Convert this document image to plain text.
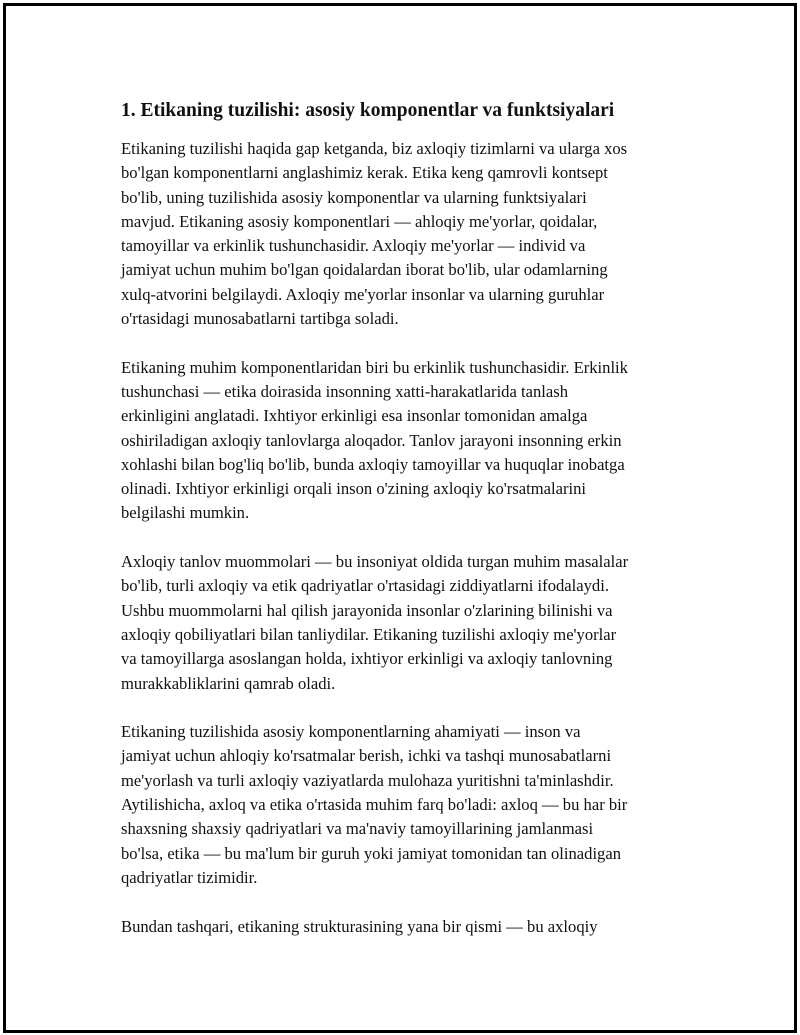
1. Etikaning tuzilishi: asosiy komponentlar va funktsiyalari

Etikaning tuzilishi haqida gap ketganda, biz axloqiy tizimlarni va ularga xos
bo'lgan komponentlarni anglashimiz kerak. Etika keng qamrovli kontsept
bo'lib, uning tuzilishida asosiy komponentlar va ularning funktsiyalari
mavjud. Etikaning asosiy komponentlari — ahloqiy me'yorlar, qoidalar,
tamoyillar va erkinlik tushunchasidir. Axloqiy me'yorlar — individ va
jamiyat uchun muhim bo'lgan qoidalardan iborat bo'lib, ular odamlarning
xulq-atvorini belgilaydi. Axloqiy me'yorlar insonlar va ularning guruhlar
o'rtasidagi munosabatlarni tartibga soladi.

Etikaning muhim komponentlaridan biri bu erkinlik tushunchasidir. Erkinlik
tushunchasi — etika doirasida insonning xatti-harakatlarida tanlash
erkinligini anglatadi. Ixhtiyor erkinligi esa insonlar tomonidan amalga
oshiriladigan axloqiy tanlovlarga aloqador. Tanlov jarayoni insonning erkin
xohlashi bilan bog'liq bo'lib, bunda axloqiy tamoyillar va huquqlar inobatga
olinadi. Ixhtiyor erkinligi orqali inson o'zining axloqiy ko'rsatmalarini
belgilashi mumkin.

Axloqiy tanlov muommolari — bu insoniyat oldida turgan muhim masalalar
bo'lib, turli axloqiy va etik qadriyatlar o'rtasidagi ziddiyatlarni ifodalaydi.
Ushbu muommolarni hal qilish jarayonida insonlar o'zlarining bilinishi va
axloqiy qobiliyatlari bilan tanliydilar. Etikaning tuzilishi axloqiy me'yorlar
va tamoyillarga asoslangan holda, ixhtiyor erkinligi va axloqiy tanlovning
murakkabliklarini qamrab oladi.

Etikaning tuzilishida asosiy komponentlarning ahamiyati — inson va
jamiyat uchun ahloqiy ko'rsatmalar berish, ichki va tashqi munosabatlarni
me'yorlash va turli axloqiy vaziyatlarda mulohaza yuritishni ta'minlashdir.
Aytilishicha, axloq va etika o'rtasida muhim farq bo'ladi: axloq — bu har bir
shaxsning shaxsiy qadriyatlari va ma'naviy tamoyillarining jamlanmasi
bo'lsa, etika — bu ma'lum bir guruh yoki jamiyat tomonidan tan olinadigan
qadriyatlar tizimidir.

Bundan tashqari, etikaning strukturasining yana bir qismi — bu axloqiy
